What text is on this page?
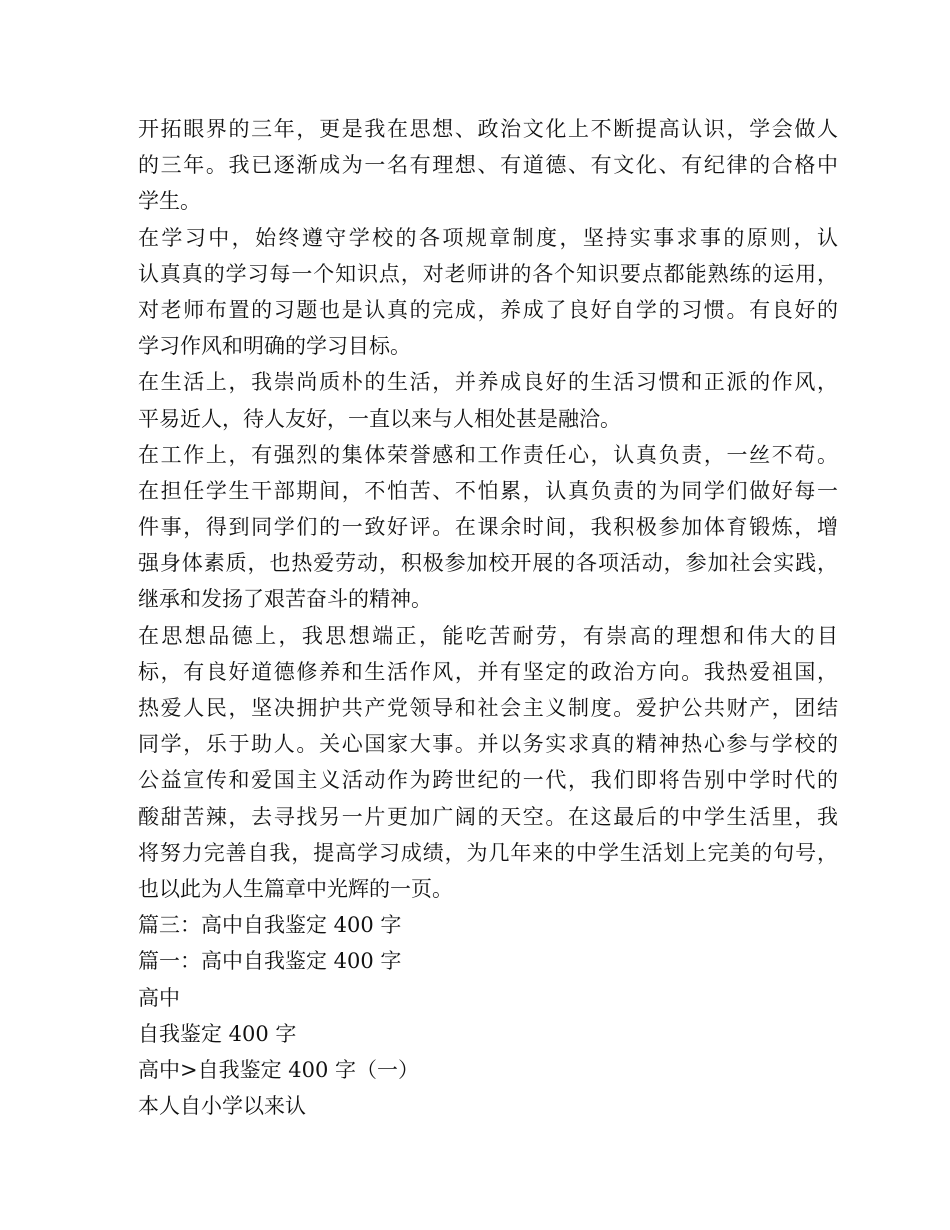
开拓眼界的三年，更是我在思想、政治文化上不断提高认识，学会做人
的三年。我已逐渐成为一名有理想、有道德、有文化、有纪律的合格中
学生。
在学习中，始终遵守学校的各项规章制度，坚持实事求事的原则，认
认真真的学习每一个知识点，对老师讲的各个知识要点都能熟练的运用，
对老师布置的习题也是认真的完成，养成了良好自学的习惯。有良好的
学习作风和明确的学习目标。
在生活上，我崇尚质朴的生活，并养成良好的生活习惯和正派的作风，
平易近人，待人友好，一直以来与人相处甚是融洽。
在工作上，有强烈的集体荣誉感和工作责任心，认真负责，一丝不苟。
在担任学生干部期间，不怕苦、不怕累，认真负责的为同学们做好每一
件事，得到同学们的一致好评。在课余时间，我积极参加体育锻炼，增
强身体素质，也热爱劳动，积极参加校开展的各项活动，参加社会实践，
继承和发扬了艰苦奋斗的精神。
在思想品德上，我思想端正，能吃苦耐劳，有崇高的理想和伟大的目
标，有良好道德修养和生活作风，并有坚定的政治方向。我热爱祖国，
热爱人民，坚决拥护共产党领导和社会主义制度。爱护公共财产，团结
同学，乐于助人。关心国家大事。并以务实求真的精神热心参与学校的
公益宣传和爱国主义活动作为跨世纪的一代，我们即将告别中学时代的
酸甜苦辣，去寻找另一片更加广阔的天空。在这最后的中学生活里，我
将努力完善自我，提高学习成绩，为几年来的中学生活划上完美的句号，
也以此为人生篇章中光辉的一页。
篇三：高中自我鉴定 400 字
篇一：高中自我鉴定 400 字
高中
自我鉴定 400 字
高中>自我鉴定 400 字（一）
本人自小学以来认
